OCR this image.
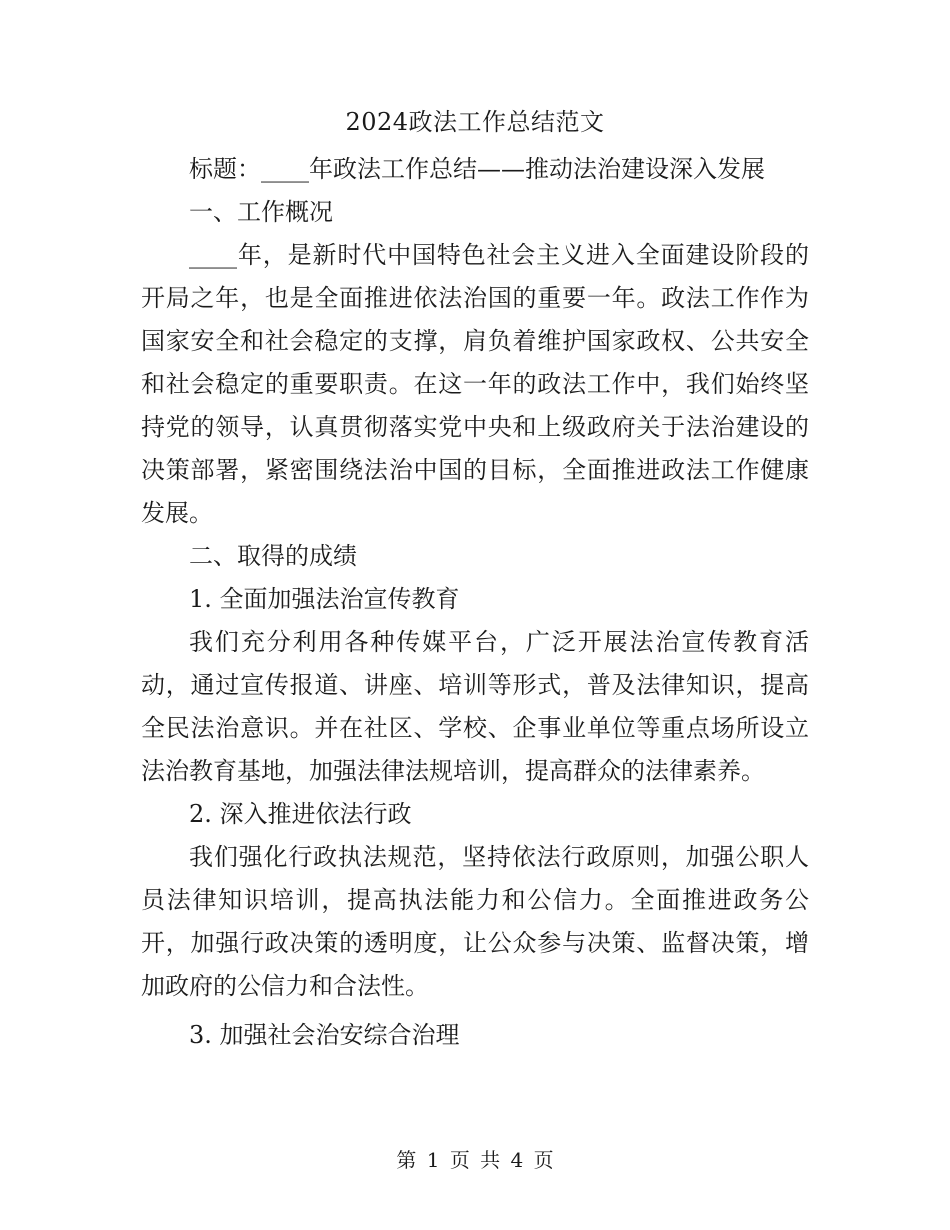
2024政法工作总结范文

标题：____年政法工作总结——推动法治建设深入发展

一、工作概况

____年，是新时代中国特色社会主义进入全面建设阶段的开局之年，也是全面推进依法治国的重要一年。政法工作作为国家安全和社会稳定的支撑，肩负着维护国家政权、公共安全和社会稳定的重要职责。在这一年的政法工作中，我们始终坚持党的领导，认真贯彻落实党中央和上级政府关于法治建设的决策部署，紧密围绕法治中国的目标，全面推进政法工作健康发展。

二、取得的成绩

1. 全面加强法治宣传教育

我们充分利用各种传媒平台，广泛开展法治宣传教育活动，通过宣传报道、讲座、培训等形式，普及法律知识，提高全民法治意识。并在社区、学校、企事业单位等重点场所设立法治教育基地，加强法律法规培训，提高群众的法律素养。

2. 深入推进依法行政

我们强化行政执法规范，坚持依法行政原则，加强公职人员法律知识培训，提高执法能力和公信力。全面推进政务公开，加强行政决策的透明度，让公众参与决策、监督决策，增加政府的公信力和合法性。

3. 加强社会治安综合治理

第 1 页 共 4 页
